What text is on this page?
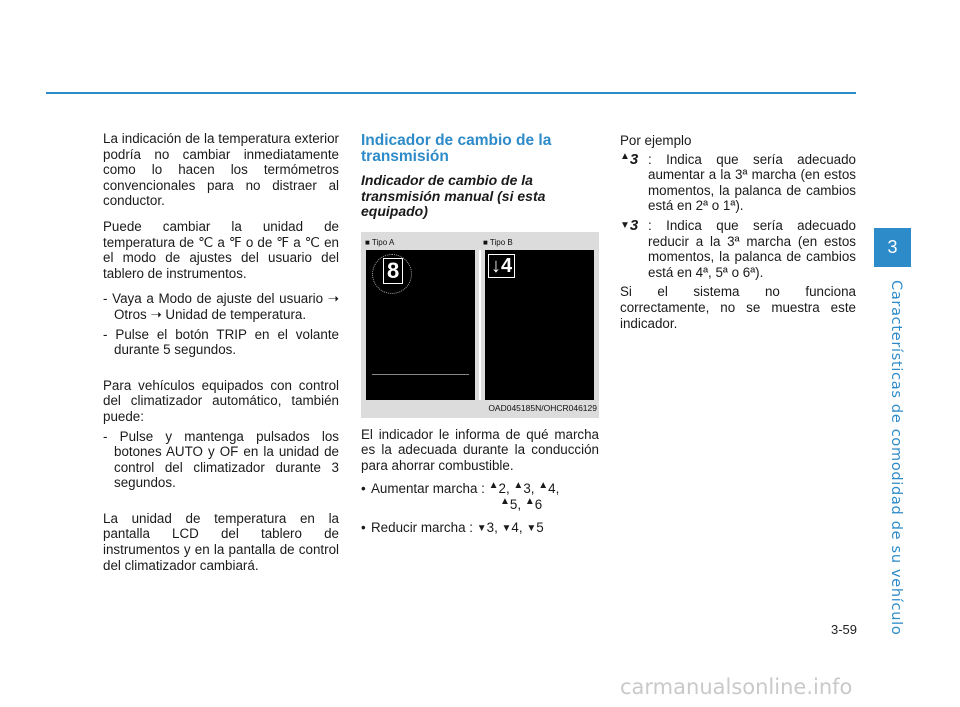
La indicación de la temperatura exterior podría no cambiar inmediatamente como lo hacen los termómetros convencionales para no distraer al conductor.

Puede cambiar la unidad de temperatura de ℃ a ℉ o de ℉ a ℃ en el modo de ajustes del usuario del tablero de instrumentos.

- Vaya a Modo de ajuste del usuario ➝ Otros ➝ Unidad de temperatura.
- Pulse el botón TRIP en el volante durante 5 segundos.

Para vehículos equipados con control del climatizador automático, también puede:

- Pulse y mantenga pulsados los botones AUTO y OF en la unidad de control del climatizador durante 3 segundos.

La unidad de temperatura en la pantalla LCD del tablero de instrumentos y en la pantalla de control del climatizador cambiará.

Indicador de cambio de la transmisión
Indicador de cambio de la transmisión manual (si esta equipado)
■ Tipo A	■ Tipo B
8	↓4
OAD045185N/OHCR046129

El indicador le informa de qué marcha es la adecuada durante la conducción para ahorrar combustible.

• Aumentar marcha : ▲2, ▲3, ▲4,
▲5, ▲6
• Reducir marcha : ▼3, ▼4, ▼5

Por ejemplo

▲3 : Indica que sería adecuado aumentar a la 3ª marcha (en estos momentos, la palanca de cambios está en 2ª o 1ª).
▼3 : Indica que sería adecuado reducir a la 3ª marcha (en estos momentos, la palanca de cambios está en 4ª, 5ª o 6ª).

Si el sistema no funciona correctamente, no se muestra este indicador.

3
Características de comodidad de su vehículo
3-59
carmanualsonline.info
